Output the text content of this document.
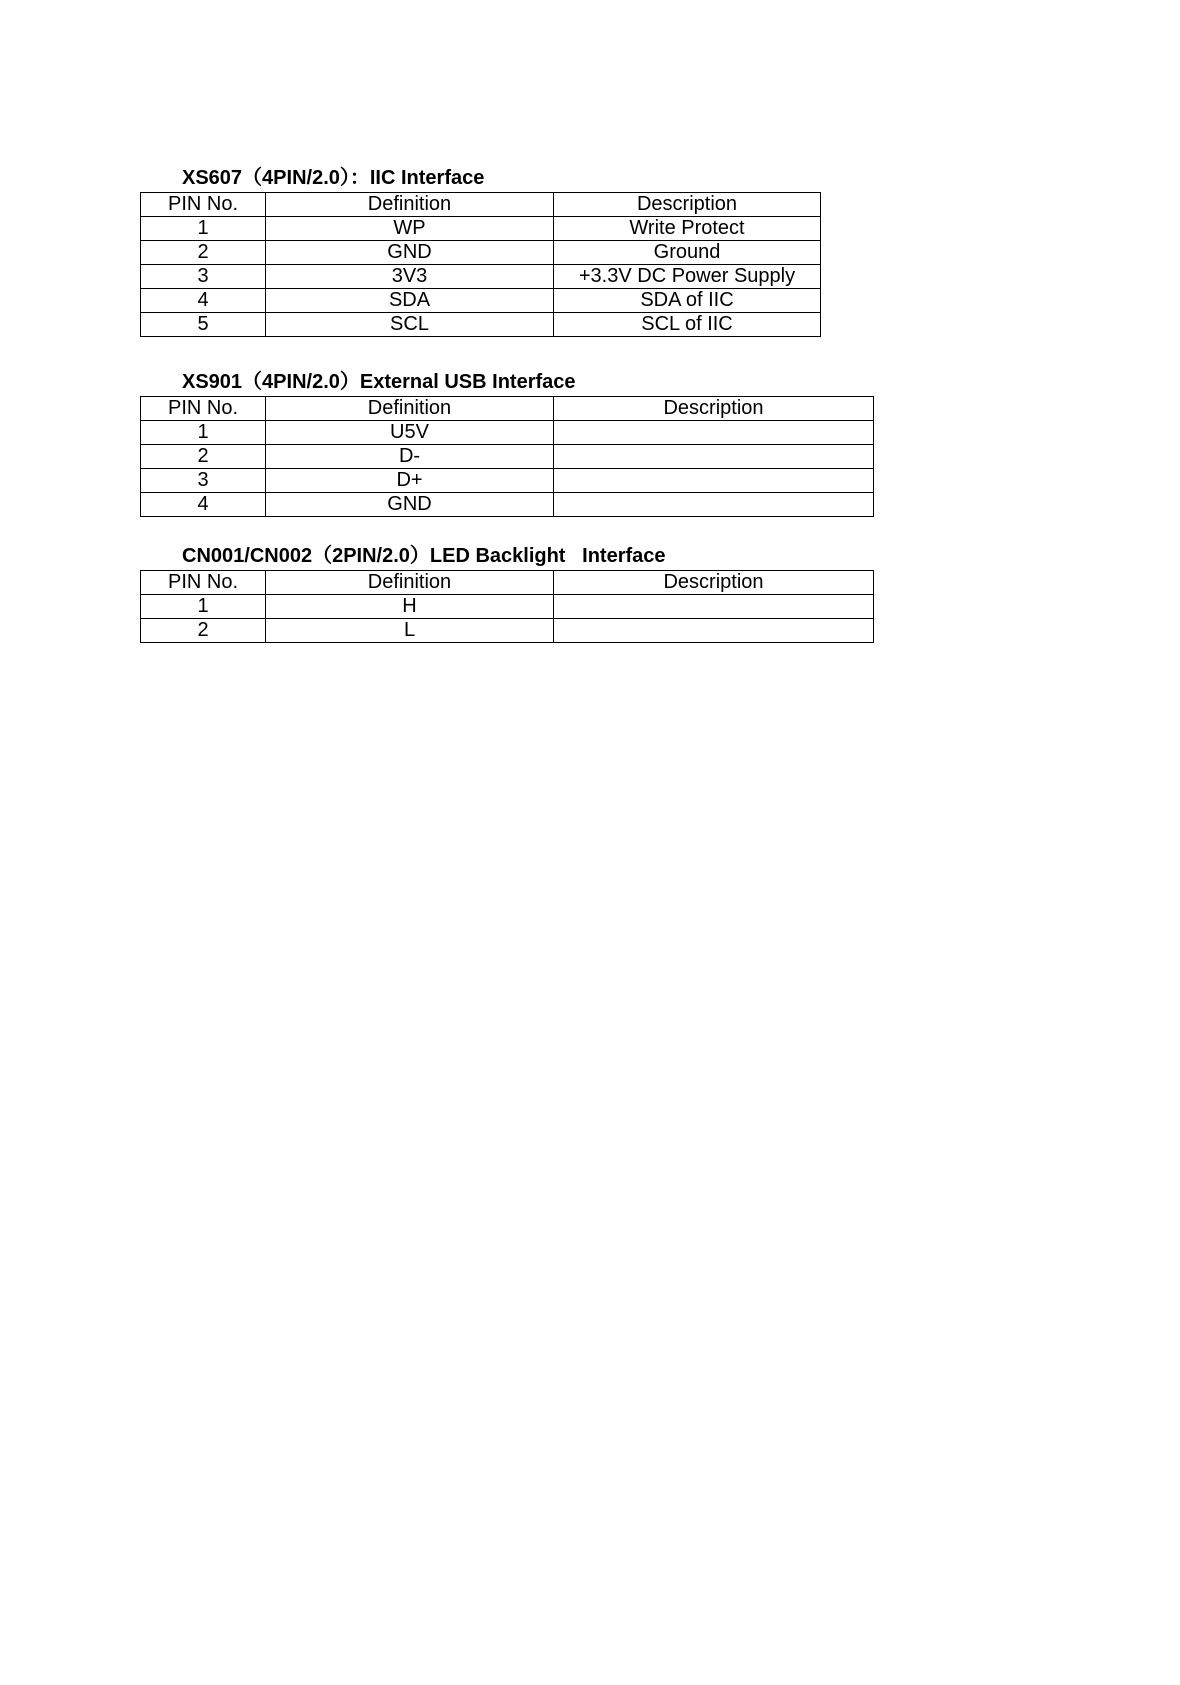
XS607（4PIN/2.0）：IIC Interface
PIN No.	Definition	Description
1	WP	Write Protect
2	GND	Ground
3	3V3	+3.3V DC Power Supply
4	SDA	SDA of IIC
5	SCL	SCL of IIC
XS901（4PIN/2.0）External USB Interface
PIN No.	Definition	Description
1	U5V	
2	D-	
3	D+	
4	GND	
CN001/CN002（2PIN/2.0）LED Backlight   Interface
PIN No.	Definition	Description
1	H	
2	L	
